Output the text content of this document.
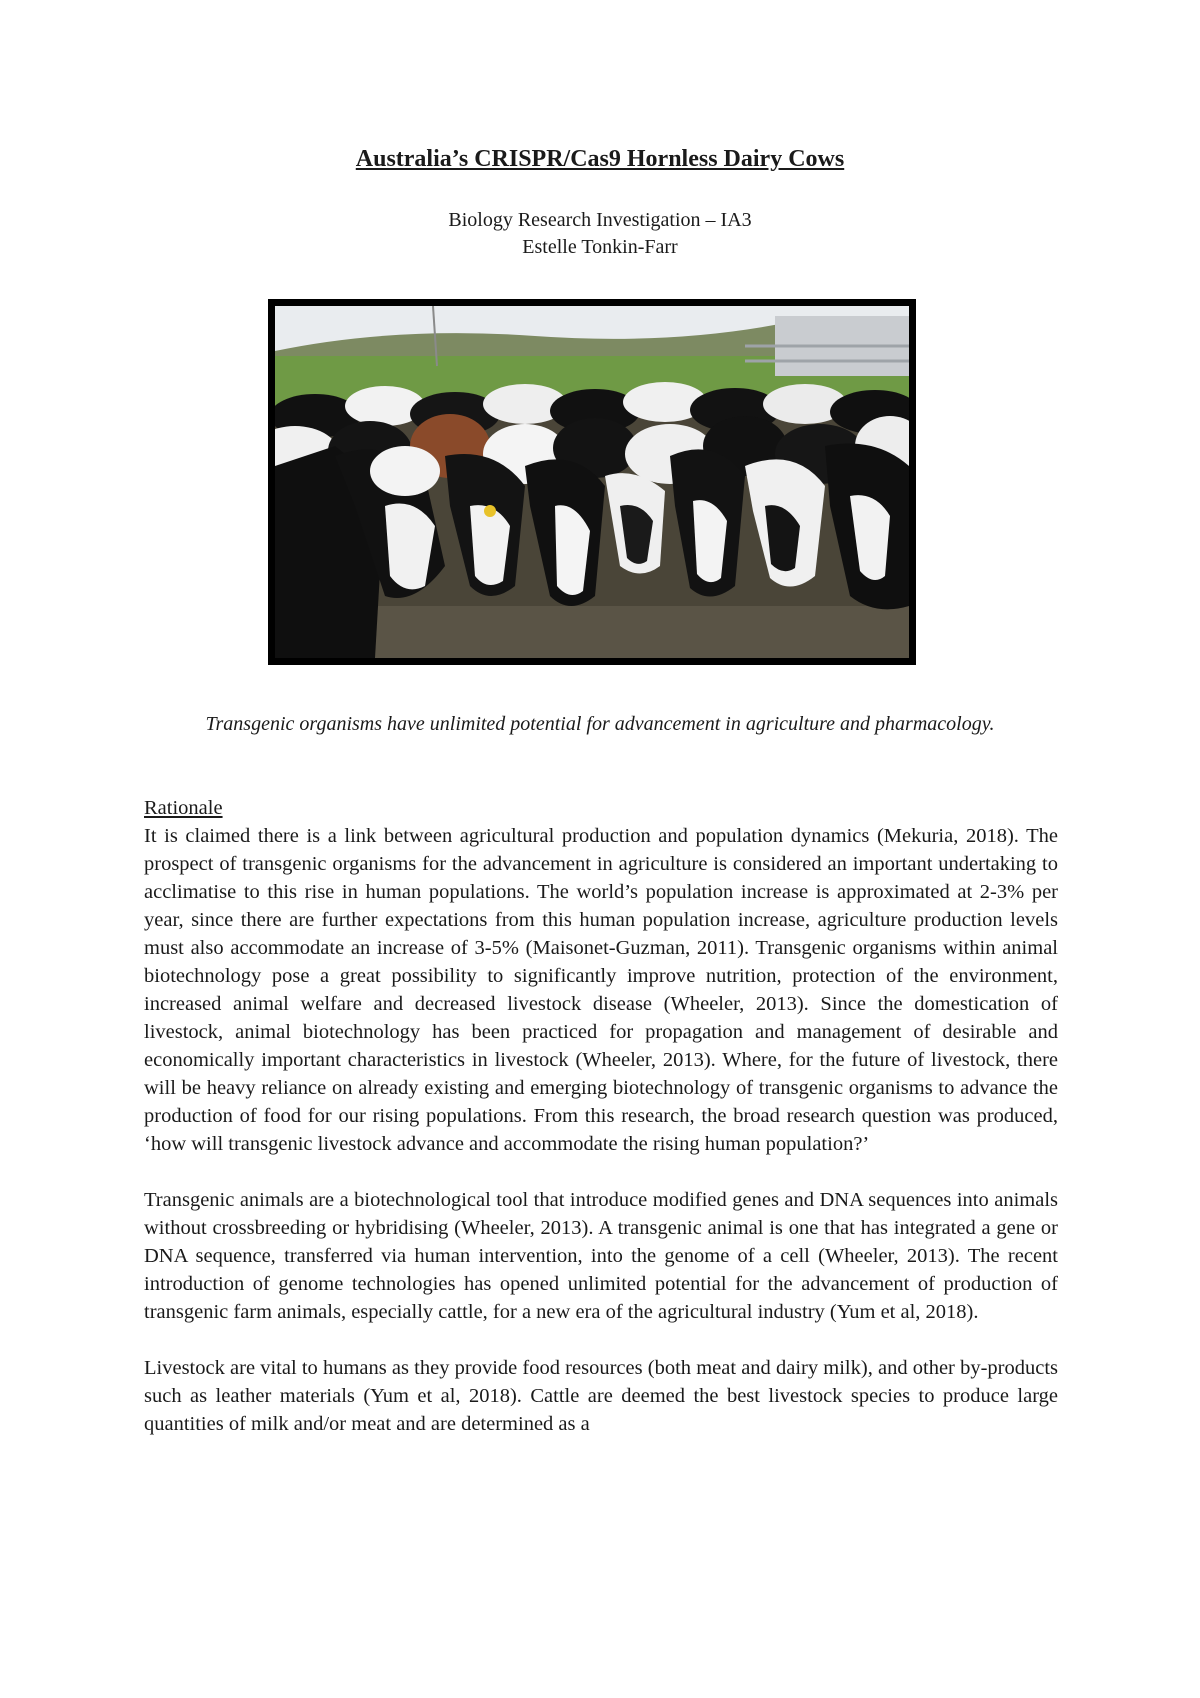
Australia’s CRISPR/Cas9 Hornless Dairy Cows
Biology Research Investigation – IA3
Estelle Tonkin-Farr
Transgenic organisms have unlimited potential for advancement in agriculture and pharmacology.
Rationale

It is claimed there is a link between agricultural production and population dynamics (Mekuria, 2018). The prospect of transgenic organisms for the advancement in agriculture is considered an important undertaking to acclimatise to this rise in human populations. The world’s population increase is approximated at 2-3% per year, since there are further expectations from this human population increase, agriculture production levels must also accommodate an increase of 3-5% (Maisonet-Guzman, 2011). Transgenic organisms within animal biotechnology pose a great possibility to significantly improve nutrition, protection of the environment, increased animal welfare and decreased livestock disease (Wheeler, 2013). Since the domestication of livestock, animal biotechnology has been practiced for propagation and management of desirable and economically important characteristics in livestock (Wheeler, 2013). Where, for the future of livestock, there will be heavy reliance on already existing and emerging biotechnology of transgenic organisms to advance the production of food for our rising populations. From this research, the broad research question was produced, ‘how will transgenic livestock advance and accommodate the rising human population?’

Transgenic animals are a biotechnological tool that introduce modified genes and DNA sequences into animals without crossbreeding or hybridising (Wheeler, 2013). A transgenic animal is one that has integrated a gene or DNA sequence, transferred via human intervention, into the genome of a cell (Wheeler, 2013). The recent introduction of genome technologies has opened unlimited potential for the advancement of production of transgenic farm animals, especially cattle, for a new era of the agricultural industry (Yum et al, 2018).

Livestock are vital to humans as they provide food resources (both meat and dairy milk), and other by-products such as leather materials (Yum et al, 2018). Cattle are deemed the best livestock species to produce large quantities of milk and/or meat and are determined as a
